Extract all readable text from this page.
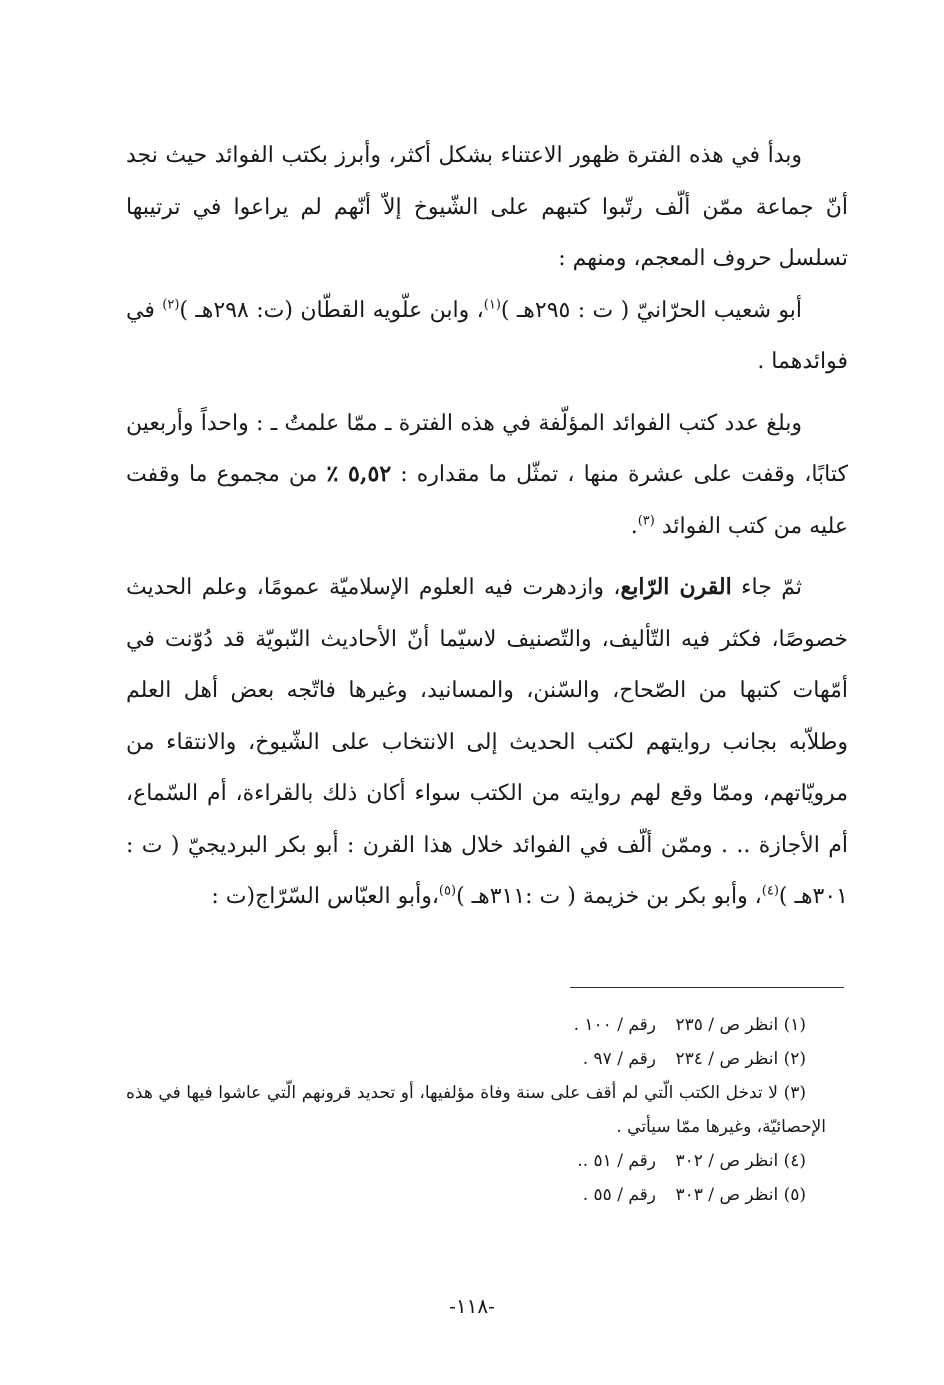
وبدأ في هذه الفترة ظهور الاعتناء بشكل أكثر، وأبرز بكتب الفوائد حيث نجد أنّ جماعة ممّن ألّف رتّبوا كتبهم على الشّيوخ إلاّ أنّهم لم يراعوا في ترتيبها تسلسل حروف المعجم، ومنهم :

أبو شعيب الحرّانيّ ( ت : ٢٩٥هـ )$^{(١)}$، وابن علّويه القطّان (ت: ٢٩٨هـ )$^{(٢)}$ في فوائدهما .

وبلغ عدد كتب الفوائد المؤلّفة في هذه الفترة ـ ممّا علمتُ ـ : واحداً وأربعين كتابًا، وقفت على عشرة منها ، تمثّل ما مقداره : ٥,٥٢ ٪ من مجموع ما وقفت عليه من كتب الفوائد $^{(٣)}$.

ثمّ جاء القرن الرّابع، وازدهرت فيه العلوم الإسلاميّة عمومًا، وعلم الحديث خصوصًا، فكثر فيه التّأليف، والتّصنيف لاسيّما أنّ الأحاديث النّبويّة قد دُوّنت في أمّهات كتبها من الصّحاح، والسّنن، والمسانيد، وغيرها فاتّجه بعض أهل العلم وطلاّبه بجانب روايتهم لكتب الحديث إلى الانتخاب على الشّيوخ، والانتقاء من مرويّاتهم، وممّا وقع لهم روايته من الكتب سواء أكان ذلك بالقراءة، أم السّماع، أم الأجازة .. . وممّن ألّف في الفوائد خلال هذا القرن : أبو بكر البرديجيّ ( ت : ٣٠١هـ )$^{(٤)}$، وأبو بكر بن خزيمة ( ت :٣١١هـ )$^{(٥)}$،وأبو العبّاس السّرّاج(ت :

(١) انظر ص / ٢٣٥
رقم / ١٠٠ .
(٢) انظر ص / ٢٣٤
رقم / ٩٧ .
(٣) لا تدخل الكتب الّتي لم أقف على سنة وفاة مؤلفيها، أو تحديد قرونهم الّتي عاشوا فيها في هذه الإحصائيّة، وغيرها ممّا سيأتي .
(٤) انظر ص / ٣٠٢
رقم / ٥١ ..
(٥) انظر ص / ٣٠٣
رقم / ٥٥ .
-١١٨-
